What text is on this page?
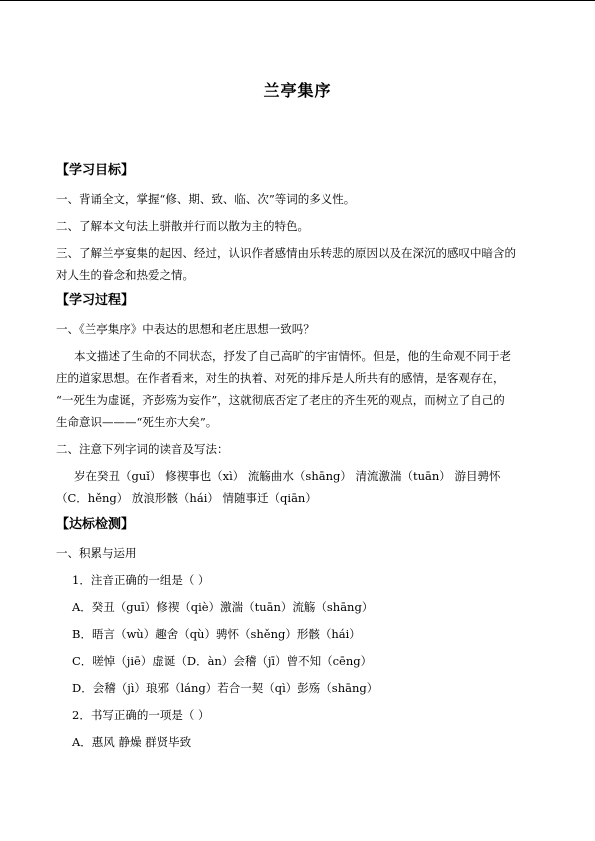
兰亭集序
【学习目标】
一、背诵全文，掌握“修、期、致、临、次”等词的多义性。
二、了解本文句法上骈散并行而以散为主的特色。
三、了解兰亭宴集的起因、经过，认识作者感情由乐转悲的原因以及在深沉的感叹中暗含的
对人生的眷念和热爱之情。
【学习过程】
一、《兰亭集序》中表达的思想和老庄思想一致吗？
本文描述了生命的不同状态，抒发了自己高旷的宇宙情怀。但是，他的生命观不同于老
庄的道家思想。在作者看来，对生的执着、对死的排斥是人所共有的感情，是客观存在，
“一死生为虚诞，齐彭殇为妄作”，这就彻底否定了老庄的齐生死的观点，而树立了自己的
生命意识———“死生亦大矣”。
二、注意下列字词的读音及写法：
岁在癸丑（guǐ） 修禊事也（xì） 流觞曲水（shāng） 清流激湍（tuān） 游目骋怀
（C．hěng） 放浪形骸（hái） 情随事迁（qiān）
【达标检测】
一、积累与运用
1．注音正确的一组是（ ）
A．癸丑（guī）修禊（qiè）激湍（tuān）流觞（shāng）
B．晤言（wù）趣舍（qù）骋怀（shěng）形骸（hái）
C．嗟悼（jiē）虚诞（D．àn）会稽（jī）曾不知（cēng）
D．会稽（jì）琅邪（láng）若合一契（qì）彭殇（shāng）
2．书写正确的一项是（ ）
A．惠风 静燥 群贤毕致
